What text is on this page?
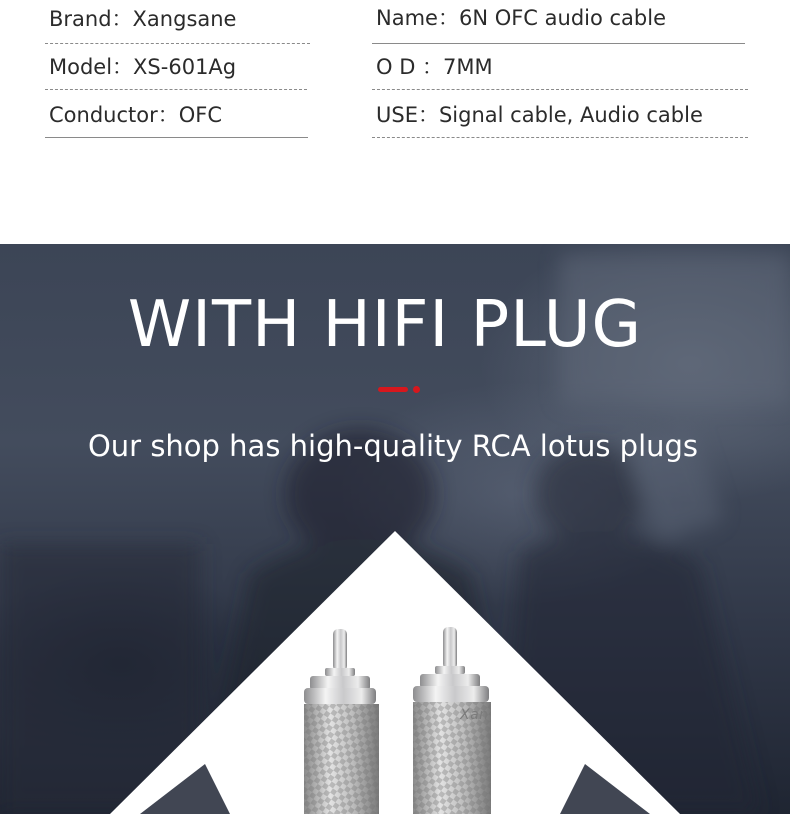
Brand：Xangsane
Model：XS-601Ag
Conductor：OFC
Name：6N OFC audio cable
O D ：7MM
USE：Signal cable, Audio cable
WITH HIFI PLUG
Our shop has high-quality RCA lotus plugs
Xan
